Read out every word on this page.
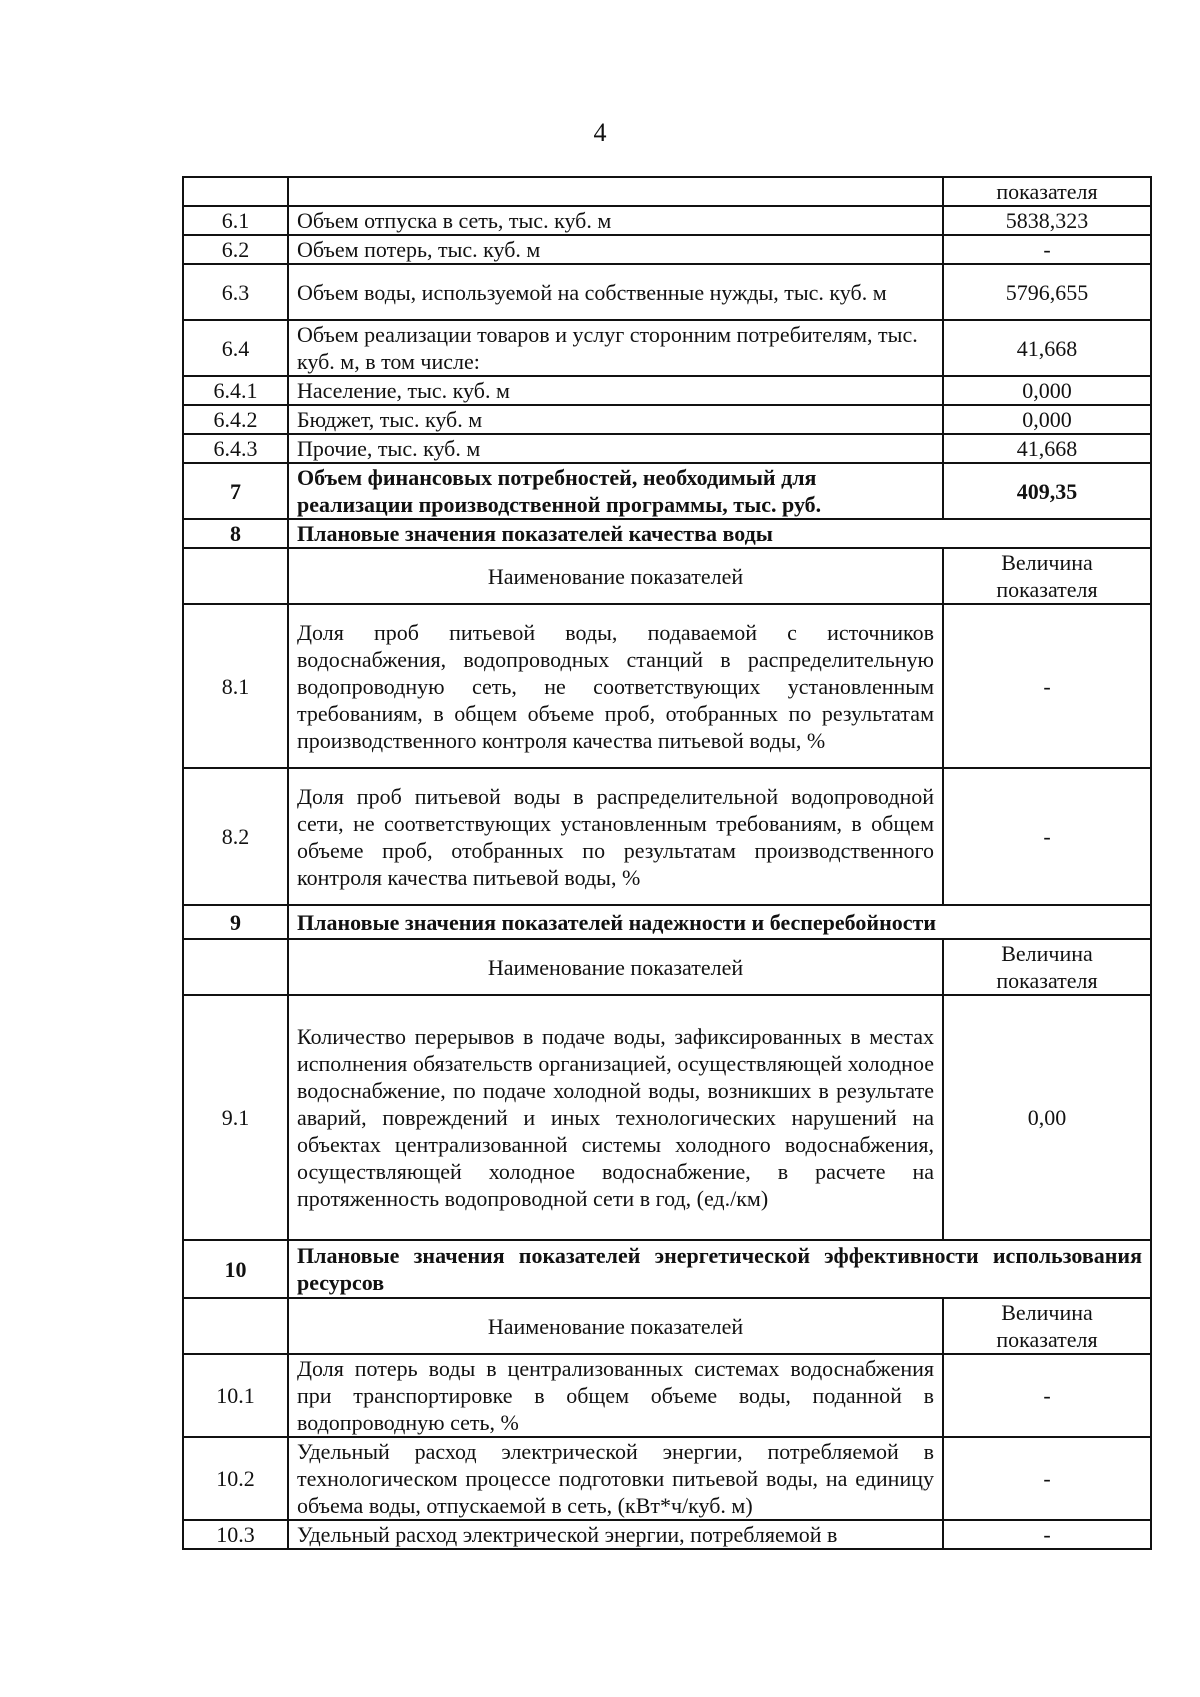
4
		показателя
6.1	Объем отпуска в сеть, тыс. куб. м	5838,323
6.2	Объем потерь, тыс. куб. м	-
6.3	Объем воды, используемой на собственные нужды, тыс. куб. м	5796,655
6.4	Объем реализации товаров и услуг сторонним потребителям, тыс. куб. м, в том числе:	41,668
6.4.1	Население, тыс. куб. м	0,000
6.4.2	Бюджет, тыс. куб. м	0,000
6.4.3	Прочие, тыс. куб. м	41,668
7	Объем финансовых потребностей, необходимый для реализации производственной программы, тыс. руб.	409,35
8	Плановые значения показателей качества воды	
	Наименование показателей	Величина показателя
8.1	Доля проб питьевой воды, подаваемой с источников водоснабжения, водопроводных станций в распределительную водопроводную сеть, не соответствующих установленным требованиям, в общем объеме проб, отобранных по результатам производственного контроля качества питьевой воды, %	-
8.2	Доля проб питьевой воды в распределительной водопроводной сети, не соответствующих установленным требованиям, в общем объеме проб, отобранных по результатам производственного контроля качества питьевой воды, %	-
9	Плановые значения показателей надежности и бесперебойности	
	Наименование показателей	Величина показателя
9.1	Количество перерывов в подаче воды, зафиксированных в местах исполнения обязательств организацией, осуществляющей холодное водоснабжение, по подаче холодной воды, возникших в результате аварий, повреждений и иных технологических нарушений на объектах централизованной системы холодного водоснабжения, осуществляющей холодное водоснабжение, в расчете на протяженность водопроводной сети в год, (ед./км)	0,00
10	Плановые значения показателей энергетической эффективности использования ресурсов	
	Наименование показателей	Величина показателя
10.1	Доля потерь воды в централизованных системах водоснабжения при транспортировке в общем объеме воды, поданной в водопроводную сеть, %	-
10.2	Удельный расход электрической энергии, потребляемой в технологическом процессе подготовки питьевой воды, на единицу объема воды, отпускаемой в сеть, (кВт*ч/куб. м)	-
10.3	Удельный расход электрической энергии, потребляемой в	-
